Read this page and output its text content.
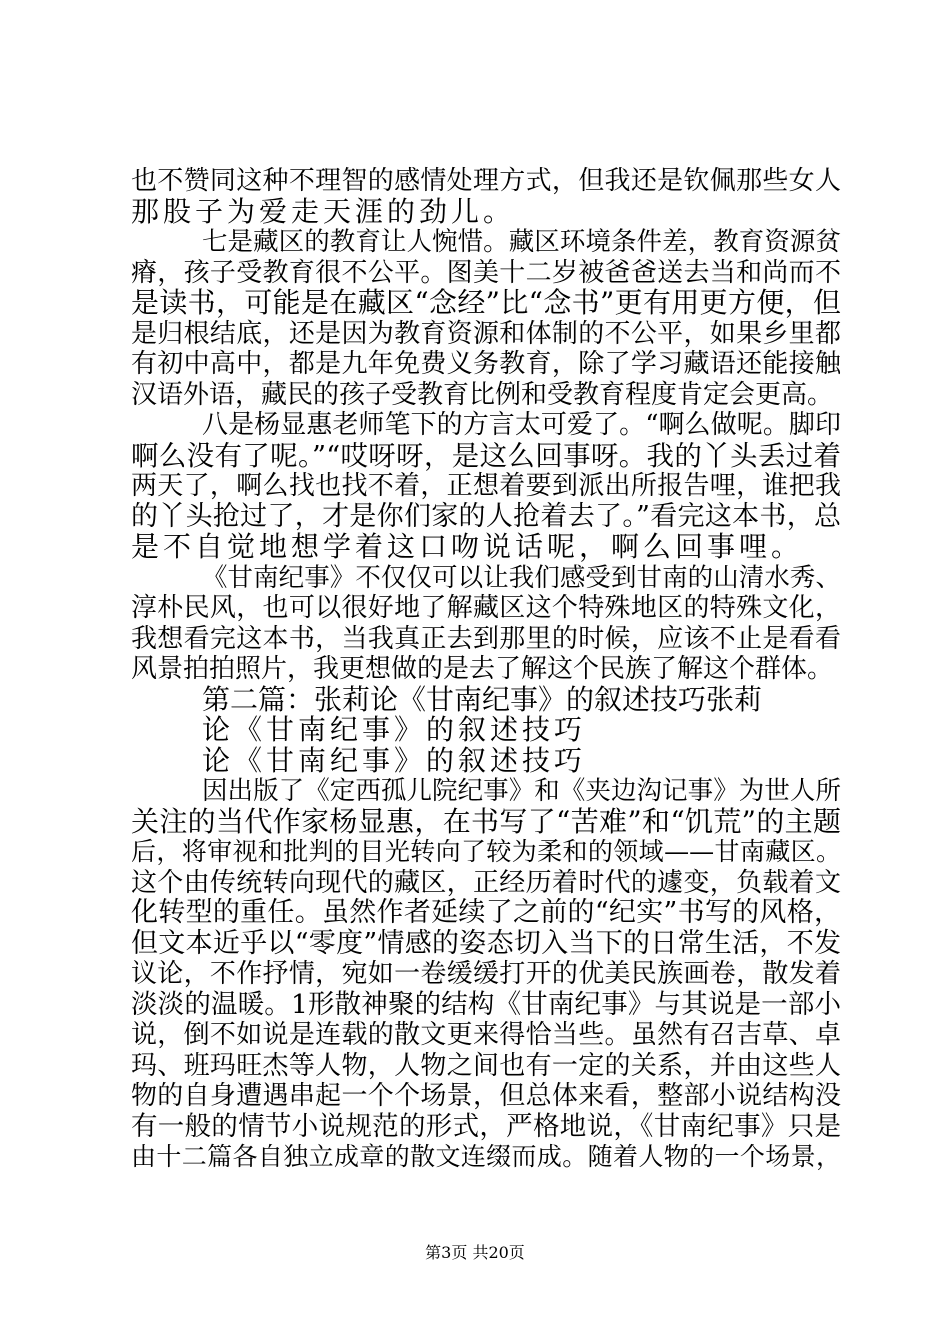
也不赞同这种不理智的感情处理方式，但我还是钦佩那些女人
那股子为爱走天涯的劲儿。
七是藏区的教育让人惋惜。藏区环境条件差，教育资源贫
瘠，孩子受教育很不公平。图美十二岁被爸爸送去当和尚而不
是读书，可能是在藏区“念经”比“念书”更有用更方便，但
是归根结底，还是因为教育资源和体制的不公平，如果乡里都
有初中高中，都是九年免费义务教育，除了学习藏语还能接触
汉语外语，藏民的孩子受教育比例和受教育程度肯定会更高。
八是杨显惠老师笔下的方言太可爱了。“啊么做呢。脚印
啊么没有了呢。”“哎呀呀，是这么回事呀。我的丫头丢过着
两天了，啊么找也找不着，正想着要到派出所报告哩，谁把我
的丫头抢过了，才是你们家的人抢着去了。”看完这本书，总
是不自觉地想学着这口吻说话呢，啊么回事哩。
《甘南纪事》不仅仅可以让我们感受到甘南的山清水秀、
淳朴民风，也可以很好地了解藏区这个特殊地区的特殊文化，
我想看完这本书，当我真正去到那里的时候，应该不止是看看
风景拍拍照片，我更想做的是去了解这个民族了解这个群体。
第二篇：张莉论《甘南纪事》的叙述技巧张莉
论《甘南纪事》的叙述技巧
论《甘南纪事》的叙述技巧
因出版了《定西孤儿院纪事》和《夹边沟记事》为世人所
关注的当代作家杨显惠，在书写了“苦难”和“饥荒”的主题
后，将审视和批判的目光转向了较为柔和的领域——甘南藏区。
这个由传统转向现代的藏区，正经历着时代的遽变，负载着文
化转型的重任。虽然作者延续了之前的“纪实”书写的风格，
但文本近乎以“零度”情感的姿态切入当下的日常生活，不发
议论，不作抒情，宛如一卷缓缓打开的优美民族画卷，散发着
淡淡的温暖。1形散神聚的结构《甘南纪事》与其说是一部小
说，倒不如说是连载的散文更来得恰当些。虽然有召吉草、卓
玛、班玛旺杰等人物，人物之间也有一定的关系，并由这些人
物的自身遭遇串起一个个场景，但总体来看，整部小说结构没
有一般的情节小说规范的形式，严格地说，《甘南纪事》只是
由十二篇各自独立成章的散文连缀而成。随着人物的一个场景，
第3页 共20页
